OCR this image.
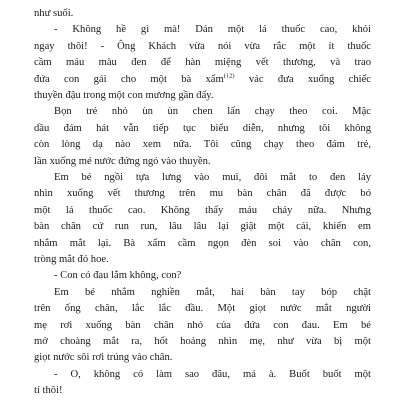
như suối.
- Không hề gì mà! Dán một lá thuốc cao, khỏi
ngay thôi! - Ông Khách vừa nói vừa rắc một ít thuốc
cầm máu màu đen để hàn miệng vết thương, và trao
đứa con gái cho một bà xẩm$^{(12)}$ vác đưa xuống chiếc
thuyền đậu trong một con mương gần đấy.
Bọn trẻ nhỏ ùn ùn chen lấn chạy theo coi. Mặc
dầu đám hát vẫn tiếp tục biểu diễn, nhưng tôi không
còn lòng dạ nào xem nữa. Tôi cũng chạy theo đám trẻ,
lần xuống mé nước đứng ngó vào thuyền.
Em bé ngồi tựa lưng vào mui, đôi mắt to đen láy
nhìn xuống vết thương trên mu bàn chân đã được bó
một lá thuốc cao. Không thấy máu chảy nữa. Nhưng
bàn chân cứ run run, lâu lâu lại giật một cái, khiến em
nhắm mắt lại. Bà xẩm cầm ngọn đèn soi vào chân con,
tròng mắt đỏ hoe.
- Con có đau lắm không, con?
Em bé nhắm nghiền mắt, hai bàn tay bóp chặt
trên ống chân, lắc lắc đầu. Một giọt nước mắt người
mẹ rơi xuống bàn chân nhỏ của đứa con đau. Em bé
mở choàng mắt ra, hốt hoảng nhìn mẹ, như vừa bị một
giọt nước sôi rơi trúng vào chân.
- O, không có làm sao đâu, má à. Buốt buốt một
tí thôi!
